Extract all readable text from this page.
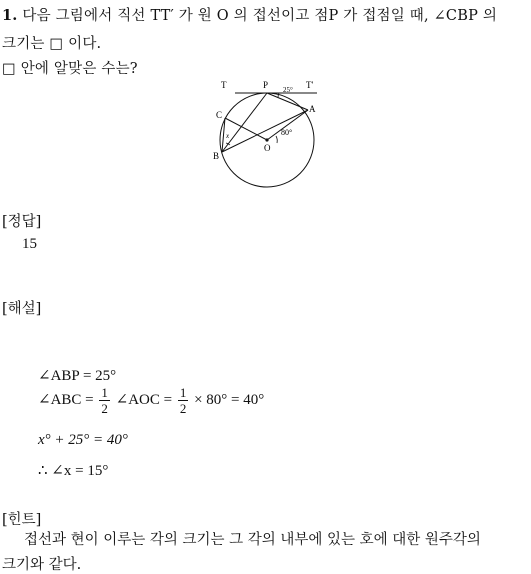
1. 다음 그림에서 직선 TT′ 가 원 O 의 접선이고 점P 가 접점일 때, ∠CBP 의
크기는 □ 이다.
□ 안에 알맞은 수는?
T	P	T′
25°
C
A
x	80°
O
B
[정답]
15
[해설]
∠ABP = 25°
∠ABC = $\frac{1}{2}$ ∠AOC = $\frac{1}{2} \times 80^\circ = 40^\circ$
x° + 25° = 40°
∴ ∠x = 15°
[힌트]
접선과 현이 이루는 각의 크기는 그 각의 내부에 있는 호에 대한 원주각의
크기와 같다.
